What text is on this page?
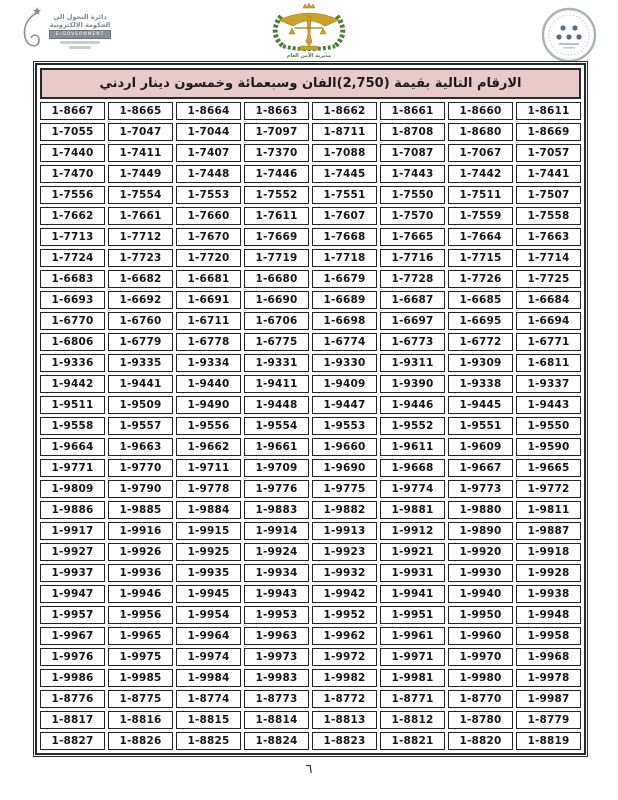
دائرة التحول الى
الحكومة الالكترونية
E-GOVERNMENT
مديرية الأمن العام
الارقام التالية بقيمة (2,750)الفان وسبعمائة وخمسون دينار اردني							
1-8667	1-8665	1-8664	1-8663	1-8662	1-8661	1-8660	1-8611
1-7055	1-7047	1-7044	1-7097	1-8711	1-8708	1-8680	1-8669
1-7440	1-7411	1-7407	1-7370	1-7088	1-7087	1-7067	1-7057
1-7470	1-7449	1-7448	1-7446	1-7445	1-7443	1-7442	1-7441
1-7556	1-7554	1-7553	1-7552	1-7551	1-7550	1-7511	1-7507
1-7662	1-7661	1-7660	1-7611	1-7607	1-7570	1-7559	1-7558
1-7713	1-7712	1-7670	1-7669	1-7668	1-7665	1-7664	1-7663
1-7724	1-7723	1-7720	1-7719	1-7718	1-7716	1-7715	1-7714
1-6683	1-6682	1-6681	1-6680	1-6679	1-7728	1-7726	1-7725
1-6693	1-6692	1-6691	1-6690	1-6689	1-6687	1-6685	1-6684
1-6770	1-6760	1-6711	1-6706	1-6698	1-6697	1-6695	1-6694
1-6806	1-6779	1-6778	1-6775	1-6774	1-6773	1-6772	1-6771
1-9336	1-9335	1-9334	1-9331	1-9330	1-9311	1-9309	1-6811
1-9442	1-9441	1-9440	1-9411	1-9409	1-9390	1-9338	1-9337
1-9511	1-9509	1-9490	1-9448	1-9447	1-9446	1-9445	1-9443
1-9558	1-9557	1-9556	1-9554	1-9553	1-9552	1-9551	1-9550
1-9664	1-9663	1-9662	1-9661	1-9660	1-9611	1-9609	1-9590
1-9771	1-9770	1-9711	1-9709	1-9690	1-9668	1-9667	1-9665
1-9809	1-9790	1-9778	1-9776	1-9775	1-9774	1-9773	1-9772
1-9886	1-9885	1-9884	1-9883	1-9882	1-9881	1-9880	1-9811
1-9917	1-9916	1-9915	1-9914	1-9913	1-9912	1-9890	1-9887
1-9927	1-9926	1-9925	1-9924	1-9923	1-9921	1-9920	1-9918
1-9937	1-9936	1-9935	1-9934	1-9932	1-9931	1-9930	1-9928
1-9947	1-9946	1-9945	1-9943	1-9942	1-9941	1-9940	1-9938
1-9957	1-9956	1-9954	1-9953	1-9952	1-9951	1-9950	1-9948
1-9967	1-9965	1-9964	1-9963	1-9962	1-9961	1-9960	1-9958
1-9976	1-9975	1-9974	1-9973	1-9972	1-9971	1-9970	1-9968
1-9986	1-9985	1-9984	1-9983	1-9982	1-9981	1-9980	1-9978
1-8776	1-8775	1-8774	1-8773	1-8772	1-8771	1-8770	1-9987
1-8817	1-8816	1-8815	1-8814	1-8813	1-8812	1-8780	1-8779
1-8827	1-8826	1-8825	1-8824	1-8823	1-8821	1-8820	1-8819
٦
